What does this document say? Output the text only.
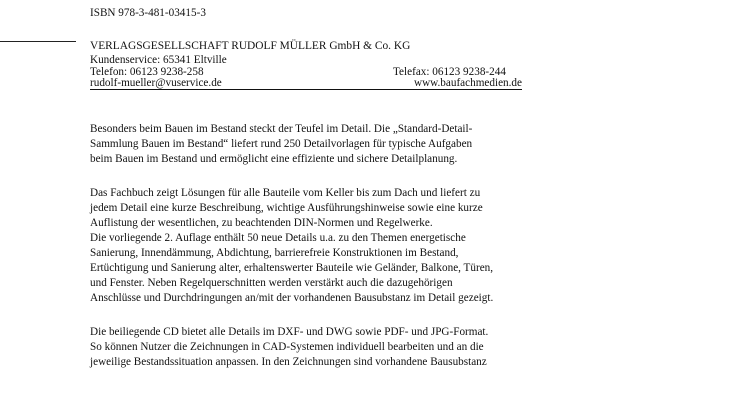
ISBN 978-3-481-03415-3
VERLAGSGESELLSCHAFT RUDOLF MÜLLER GmbH & Co. KG
Kundenservice: 65341 Eltville
Telefon: 06123 9238-258	Telefax: 06123 9238-244
rudolf-mueller@vuservice.de	www.baufachmedien.de
Besonders beim Bauen im Bestand steckt der Teufel im Detail. Die „Standard-Detail-
Sammlung Bauen im Bestand“ liefert rund 250 Detailvorlagen für typische Aufgaben
beim Bauen im Bestand und ermöglicht eine effiziente und sichere Detailplanung.
Das Fachbuch zeigt Lösungen für alle Bauteile vom Keller bis zum Dach und liefert zu
jedem Detail eine kurze Beschreibung, wichtige Ausführungshinweise sowie eine kurze
Auflistung der wesentlichen, zu beachtenden DIN-Normen und Regelwerke.
Die vorliegende 2. Auflage enthält 50 neue Details u.a. zu den Themen energetische
Sanierung, Innendämmung, Abdichtung, barrierefreie Konstruktionen im Bestand,
Ertüchtigung und Sanierung alter, erhaltenswerter Bauteile wie Geländer, Balkone, Türen,
und Fenster. Neben Regelquerschnitten werden verstärkt auch die dazugehörigen
Anschlüsse und Durchdringungen an/mit der vorhandenen Bausubstanz im Detail gezeigt.
Die beiliegende CD bietet alle Details im DXF- und DWG sowie PDF- und JPG-Format.
So können Nutzer die Zeichnungen in CAD-Systemen individuell bearbeiten und an die
jeweilige Bestandssituation anpassen. In den Zeichnungen sind vorhandene Bausubstanz
